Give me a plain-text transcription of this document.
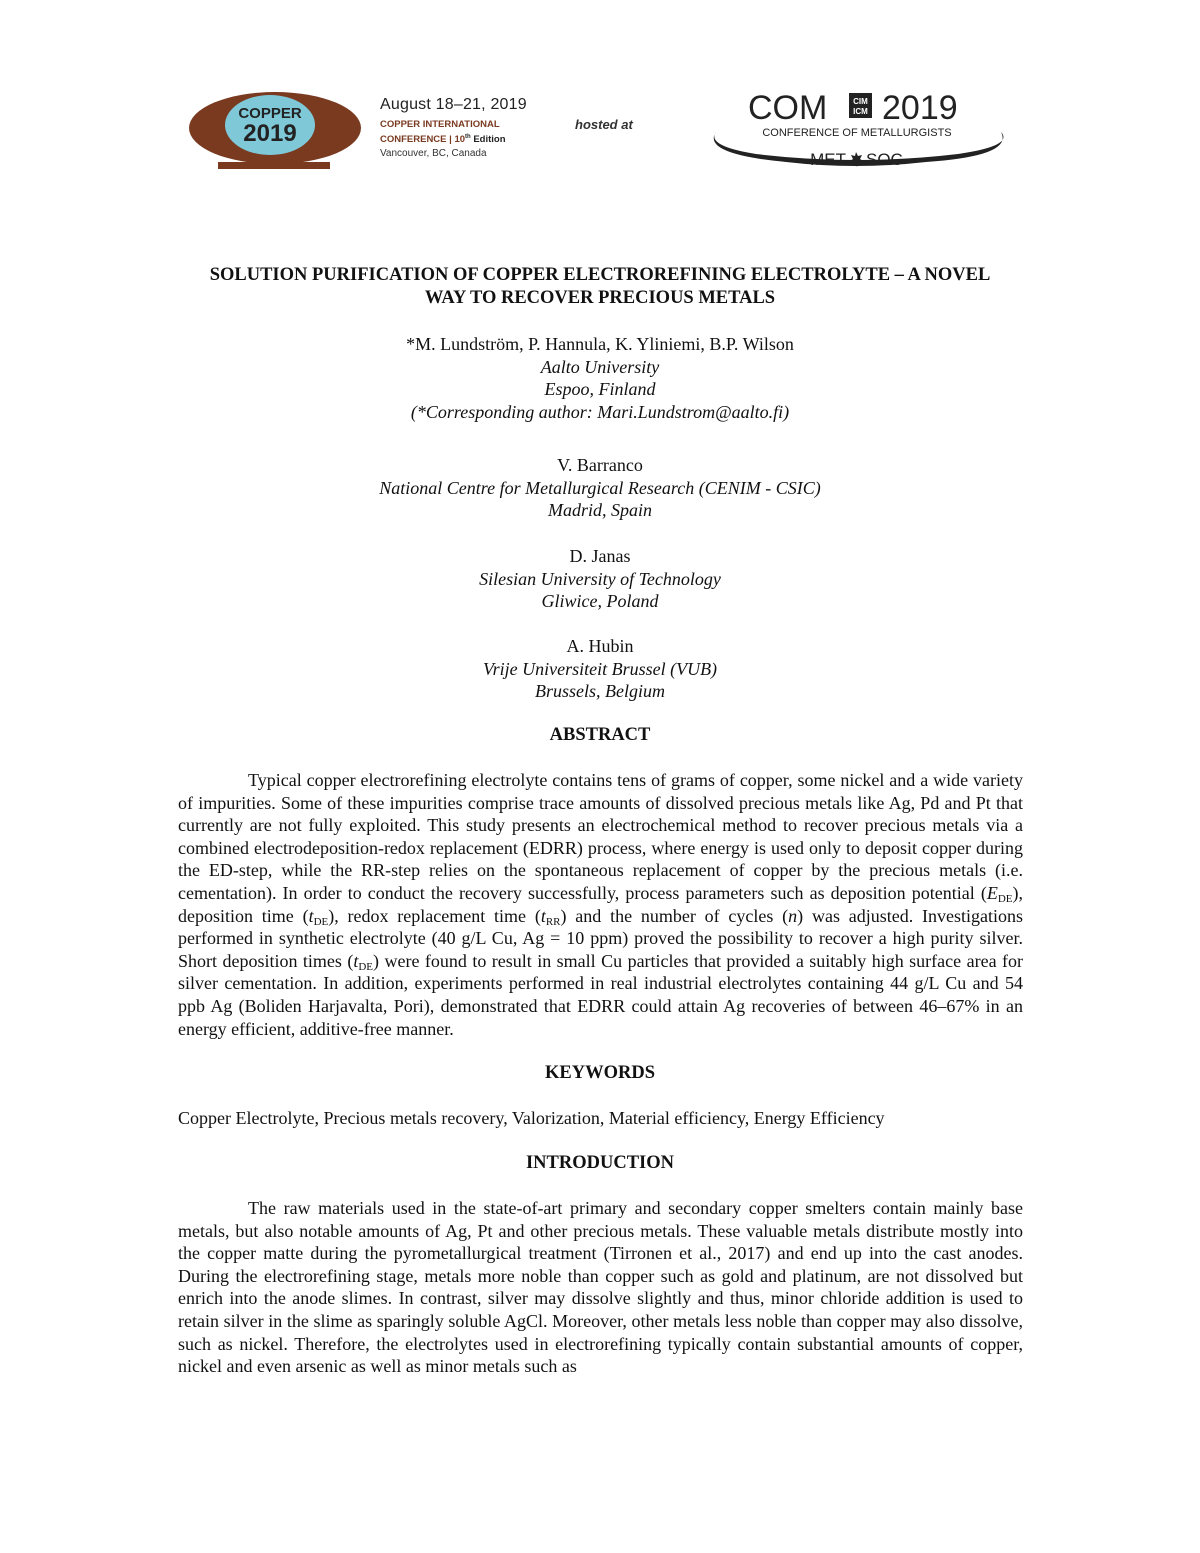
COPPER
2019
August 18–21, 2019
COPPER INTERNATIONAL
CONFERENCE | 10th Edition
Vancouver, BC, Canada
hosted at	COM	CIM
ICM 2019
CONFERENCE OF METALLURGISTS
MET SOC
SOLUTION PURIFICATION OF COPPER ELECTROREFINING ELECTROLYTE – A NOVEL
WAY TO RECOVER PRECIOUS METALS
*M. Lundström, P. Hannula, K. Yliniemi, B.P. Wilson
Aalto University
Espoo, Finland
(*Corresponding author: Mari.Lundstrom@aalto.fi)
V. Barranco
National Centre for Metallurgical Research (CENIM - CSIC)
Madrid, Spain
D. Janas
Silesian University of Technology
Gliwice, Poland
A. Hubin
Vrije Universiteit Brussel (VUB)
Brussels, Belgium
ABSTRACT
Typical copper electrorefining electrolyte contains tens of grams of copper, some nickel and a wide variety of impurities. Some of these impurities comprise trace amounts of dissolved precious metals like Ag, Pd and Pt that currently are not fully exploited. This study presents an electrochemical method to recover precious metals via a combined electrodeposition-redox replacement (EDRR) process, where energy is used only to deposit copper during the ED-step, while the RR-step relies on the spontaneous replacement of copper by the precious metals (i.e. cementation). In order to conduct the recovery successfully, process parameters such as deposition potential $(E_{DE})$, deposition time $(t_{DE})$, redox replacement time $(t_{RR})$ and the number of cycles (n) was adjusted. Investigations performed in synthetic electrolyte (40 g/L Cu, Ag = 10 ppm) proved the possibility to recover a high purity silver. Short deposition times $(t_{DE})$ were found to result in small Cu particles that provided a suitably high surface area for silver cementation. In addition, experiments performed in real industrial electrolytes containing 44 g/L Cu and 54 ppb Ag (Boliden Harjavalta, Pori), demonstrated that EDRR could attain Ag recoveries of between 46–67% in an energy efficient, additive-free manner.
KEYWORDS
Copper Electrolyte, Precious metals recovery, Valorization, Material efficiency, Energy Efficiency
INTRODUCTION
The raw materials used in the state-of-art primary and secondary copper smelters contain mainly base metals, but also notable amounts of Ag, Pt and other precious metals. These valuable metals distribute mostly into the copper matte during the pyrometallurgical treatment (Tirronen et al., 2017) and end up into the cast anodes. During the electrorefining stage, metals more noble than copper such as gold and platinum, are not dissolved but enrich into the anode slimes. In contrast, silver may dissolve slightly and thus, minor chloride addition is used to retain silver in the slime as sparingly soluble AgCl. Moreover, other metals less noble than copper may also dissolve, such as nickel. Therefore, the electrolytes used in electrorefining typically contain substantial amounts of copper, nickel and even arsenic as well as minor metals such as
